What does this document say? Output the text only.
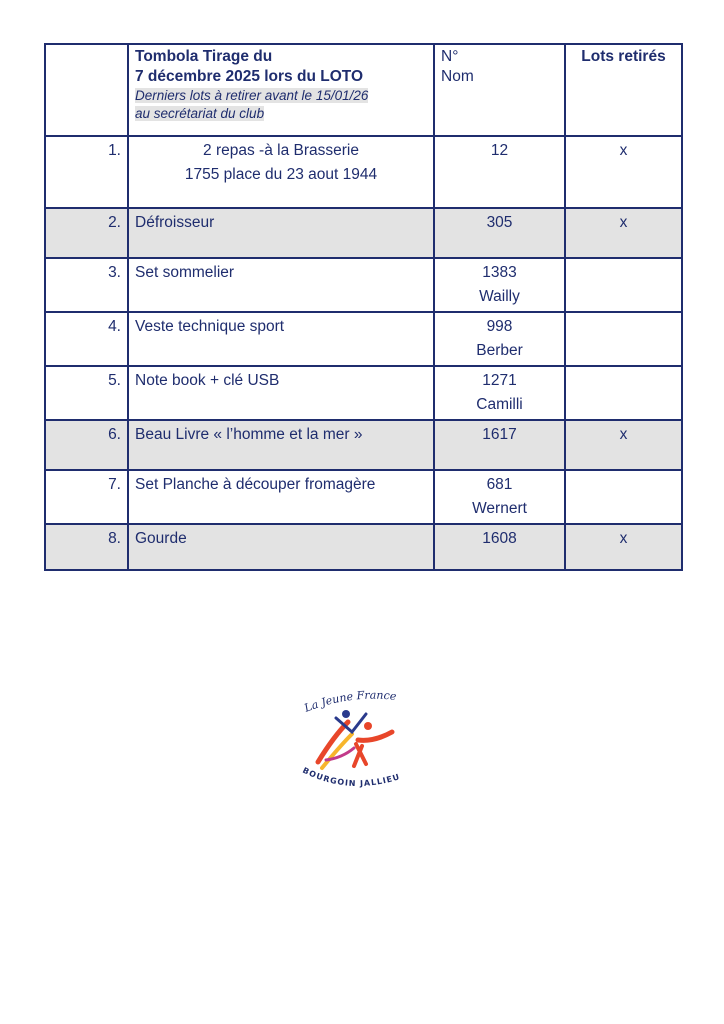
	Tombola Tirage du
7 décembre 2025 lors du LOTO
Derniers lots à retirer avant le 15/01/26
au secrétariat du club	N°
Nom	Lots retirés

1.	2 repas -à la Brasserie
1755 place du 23 aout 1944	12	x

2.	Défroisseur	305	x

3.	Set sommelier	1383
Wailly	

4.	Veste technique sport	998
Berber	

5.	Note book + clé USB	1271
Camilli	

6.	Beau Livre « l’homme et la mer »	1617	x

7.	Set Planche à découper fromagère	681
Wernert	

8.	Gourde	1608	x
La Jeune France
BOURGOIN JALLIEU
